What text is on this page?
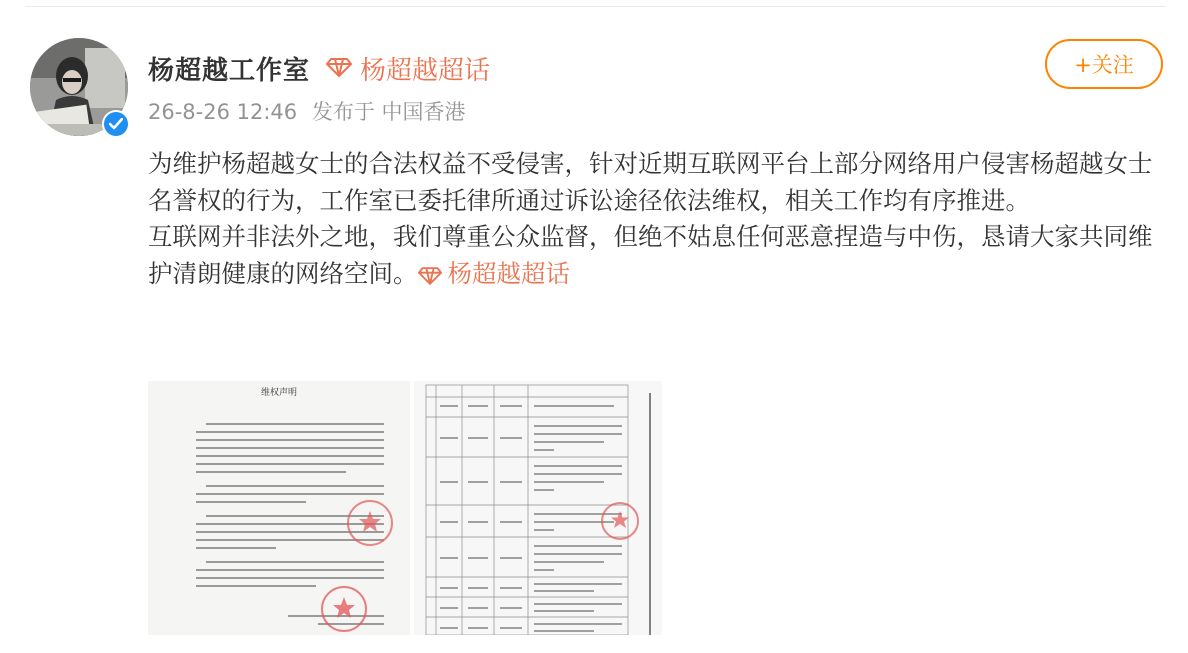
杨超越工作室 杨超越超话
26-8-26 12:46 发布于 中国香港
+关注

为维护杨超越女士的合法权益不受侵害，针对近期互联网平台上部分网络用户侵害杨超越女士名誉权的行为，工作室已委托律所通过诉讼途径依法维权，相关工作均有序推进。

互联网并非法外之地，我们尊重公众监督，但绝不姑息任何恶意捏造与中伤，恳请大家共同维护清朗健康的网络空间。 杨超越超话

维权声明
